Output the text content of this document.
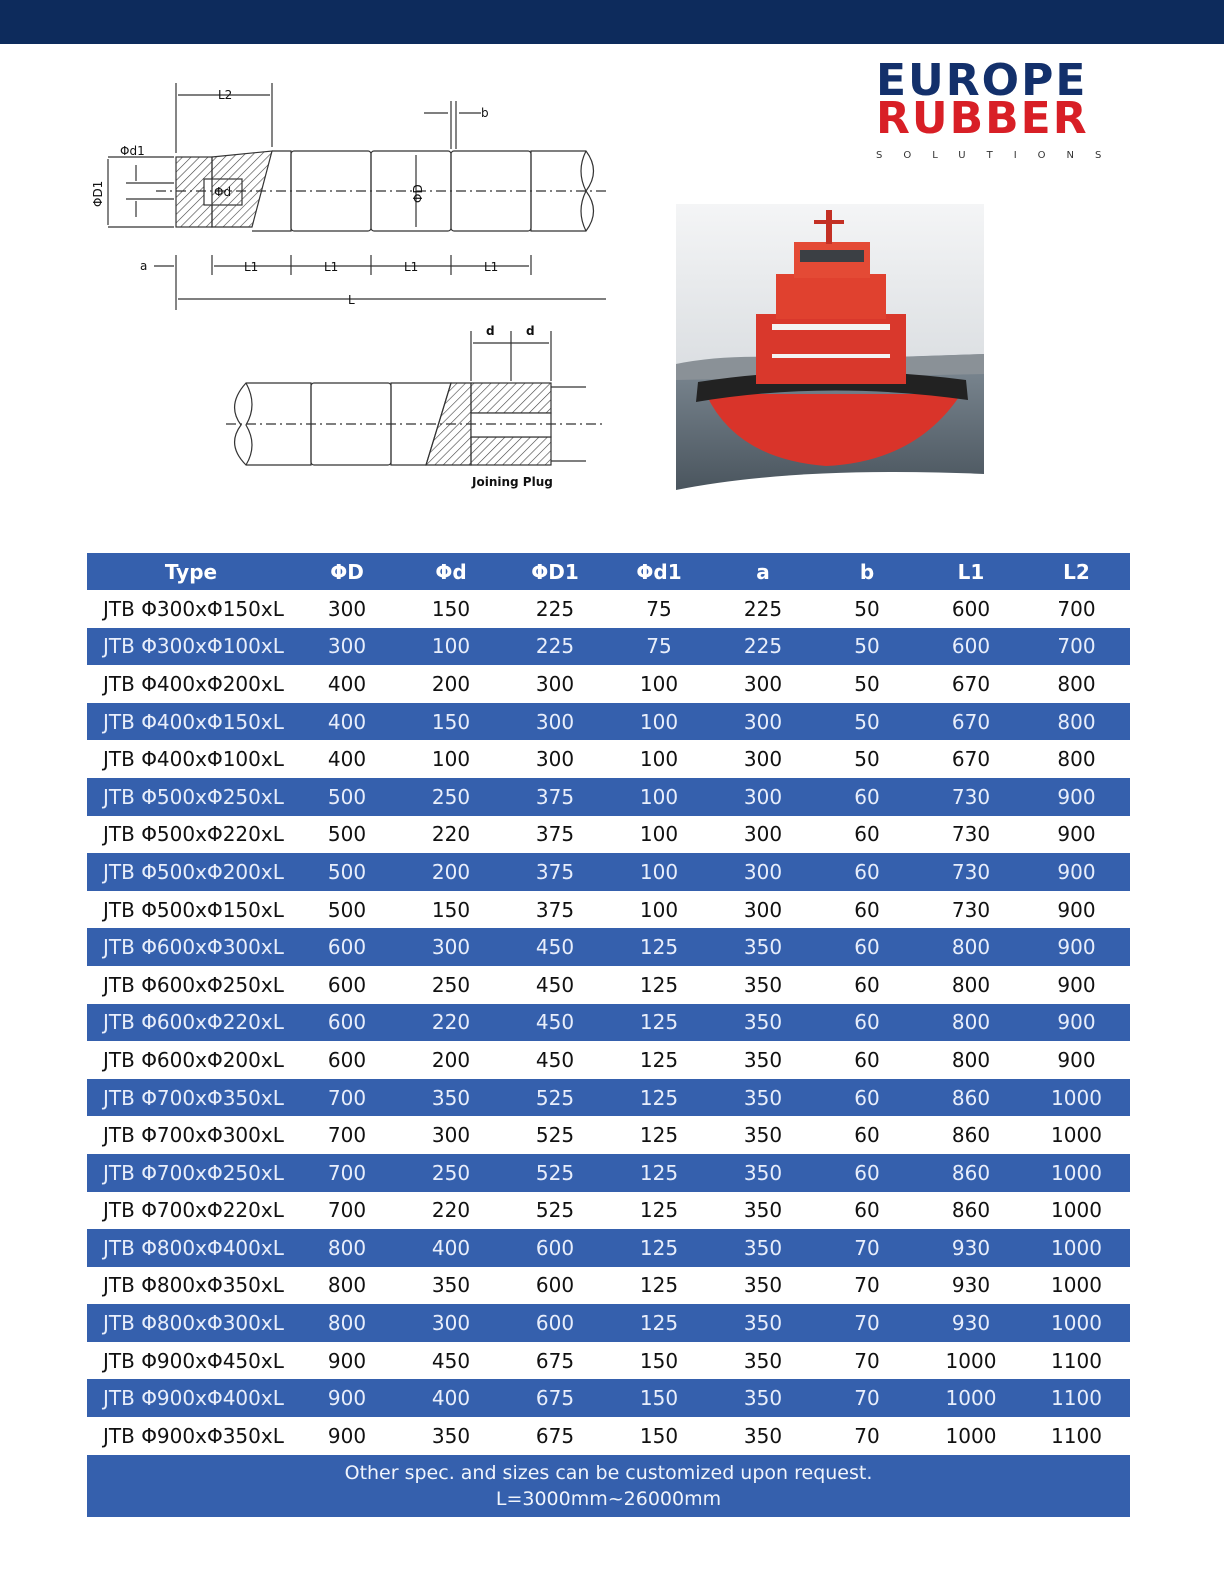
EUROPE
RUBBER
SOLUTIONS
L2
b
Φd1
ΦD1	Φd	ΦD
a	L1	L1	L1	L1
L
d	d
Joining Plug
Type	ΦD	Φd	ΦD1	Φd1	a	b	L1	L2
JTB Φ300xΦ150xL	300	150	225	75	225	50	600	700
JTB Φ300xΦ100xL	300	100	225	75	225	50	600	700
JTB Φ400xΦ200xL	400	200	300	100	300	50	670	800
JTB Φ400xΦ150xL	400	150	300	100	300	50	670	800
JTB Φ400xΦ100xL	400	100	300	100	300	50	670	800
JTB Φ500xΦ250xL	500	250	375	100	300	60	730	900
JTB Φ500xΦ220xL	500	220	375	100	300	60	730	900
JTB Φ500xΦ200xL	500	200	375	100	300	60	730	900
JTB Φ500xΦ150xL	500	150	375	100	300	60	730	900
JTB Φ600xΦ300xL	600	300	450	125	350	60	800	900
JTB Φ600xΦ250xL	600	250	450	125	350	60	800	900
JTB Φ600xΦ220xL	600	220	450	125	350	60	800	900
JTB Φ600xΦ200xL	600	200	450	125	350	60	800	900
JTB Φ700xΦ350xL	700	350	525	125	350	60	860	1000
JTB Φ700xΦ300xL	700	300	525	125	350	60	860	1000
JTB Φ700xΦ250xL	700	250	525	125	350	60	860	1000
JTB Φ700xΦ220xL	700	220	525	125	350	60	860	1000
JTB Φ800xΦ400xL	800	400	600	125	350	70	930	1000
JTB Φ800xΦ350xL	800	350	600	125	350	70	930	1000
JTB Φ800xΦ300xL	800	300	600	125	350	70	930	1000
JTB Φ900xΦ450xL	900	450	675	150	350	70	1000	1100
JTB Φ900xΦ400xL	900	400	675	150	350	70	1000	1100
JTB Φ900xΦ350xL	900	350	675	150	350	70	1000	1100
Other spec. and sizes can be customized upon request.
L=3000mm~26000mm
